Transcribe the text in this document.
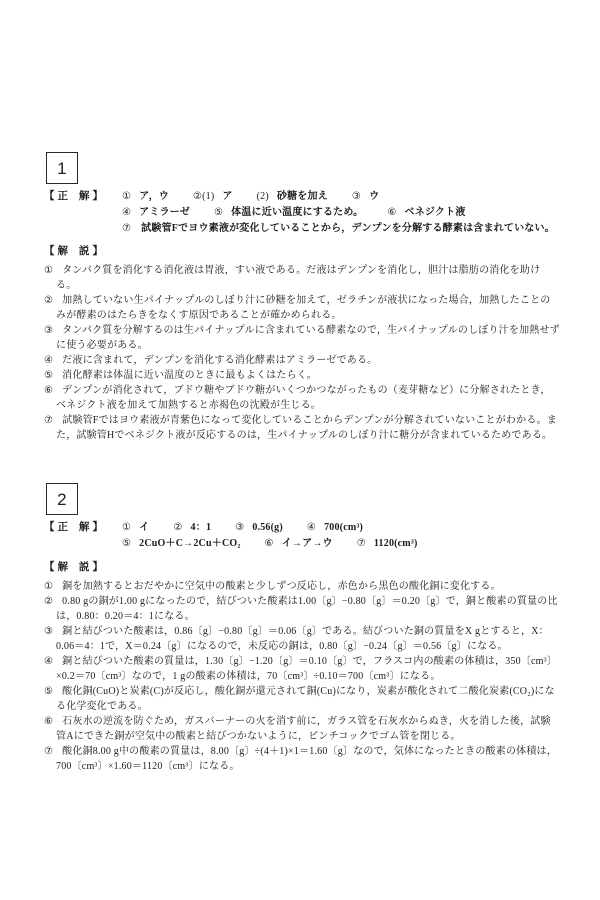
1
【 正　解 】	① ア，ウ ②(1) ア (2) 砂糖を加え ③ ウ
④ アミラーゼ ⑤ 体温に近い温度にするため。 ⑥ ベネジクト液

⑦ 試験管Fでヨウ素液が変化していることから，デンプンを分解する酵素は含まれていない。

【 解　説 】

① タンパク質を消化する消化液は胃液，すい液である。だ液はデンプンを消化し，胆汁は脂肪の消化を助ける。

② 加熱していない生パイナップルのしぼり汁に砂糖を加えて，ゼラチンが液状になった場合，加熱したことのみが酵素のはたらきをなくす原因であることが確かめられる。

③ タンパク質を分解するのは生パイナップルに含まれている酵素なので，生パイナップルのしぼり汁を加熱せずに使う必要がある。

④ だ液に含まれて，デンプンを消化する消化酵素はアミラーゼである。

⑤ 消化酵素は体温に近い温度のときに最もよくはたらく。

⑥ デンプンが消化されて，ブドウ糖やブドウ糖がいくつかつながったもの（麦芽糖など）に分解されたとき，ベネジクト液を加えて加熱すると赤褐色の沈殿が生じる。

⑦ 試験管Fではヨウ素液が青紫色になって変化していることからデンプンが分解されていないことがわかる。また，試験管Hでベネジクト液が反応するのは，生パイナップルのしぼり汁に糖分が含まれているためである。

2
【 正　解 】	① イ ② 4：1 ③ 0.56(g) ④ 700(cm³)
⑤ 2CuO＋C→2Cu＋CO₂ ⑥ イ→ア→ウ ⑦ 1120(cm³)
【 解　説 】

① 銅を加熱するとおだやかに空気中の酸素と少しずつ反応し，赤色から黒色の酸化銅に変化する。

② 0.80 gの銅が1.00 gになったので，結びついた酸素は1.00〔g〕−0.80〔g〕＝0.20〔g〕で，銅と酸素の質量の比は，0.80：0.20＝4：1になる。

③ 銅と結びついた酸素は，0.86〔g〕−0.80〔g〕＝0.06〔g〕である。結びついた銅の質量をX gとすると，X：0.06＝4：1で，X＝0.24〔g〕になるので，未反応の銅は，0.80〔g〕−0.24〔g〕＝0.56〔g〕になる。

④ 銅と結びついた酸素の質量は，1.30〔g〕−1.20〔g〕＝0.10〔g〕で，フラスコ内の酸素の体積は，350〔cm³〕×0.2＝70〔cm³〕なので，1 gの酸素の体積は，70〔cm³〕÷0.10＝700〔cm³〕になる。

⑤ 酸化銅(CuO)と炭素(C)が反応し，酸化銅が還元されて銅(Cu)になり，炭素が酸化されて二酸化炭素(CO₂)になる化学変化である。

⑥ 石灰水の逆流を防ぐため，ガスバーナーの火を消す前に，ガラス管を石灰水からぬき，火を消した後，試験管Aにできた銅が空気中の酸素と結びつかないように，ピンチコックでゴム管を閉じる。

⑦ 酸化銅8.00 g中の酸素の質量は，8.00〔g〕÷(4＋1)×1＝1.60〔g〕なので，気体になったときの酸素の体積は，700〔cm³〕×1.60＝1120〔cm³〕になる。
